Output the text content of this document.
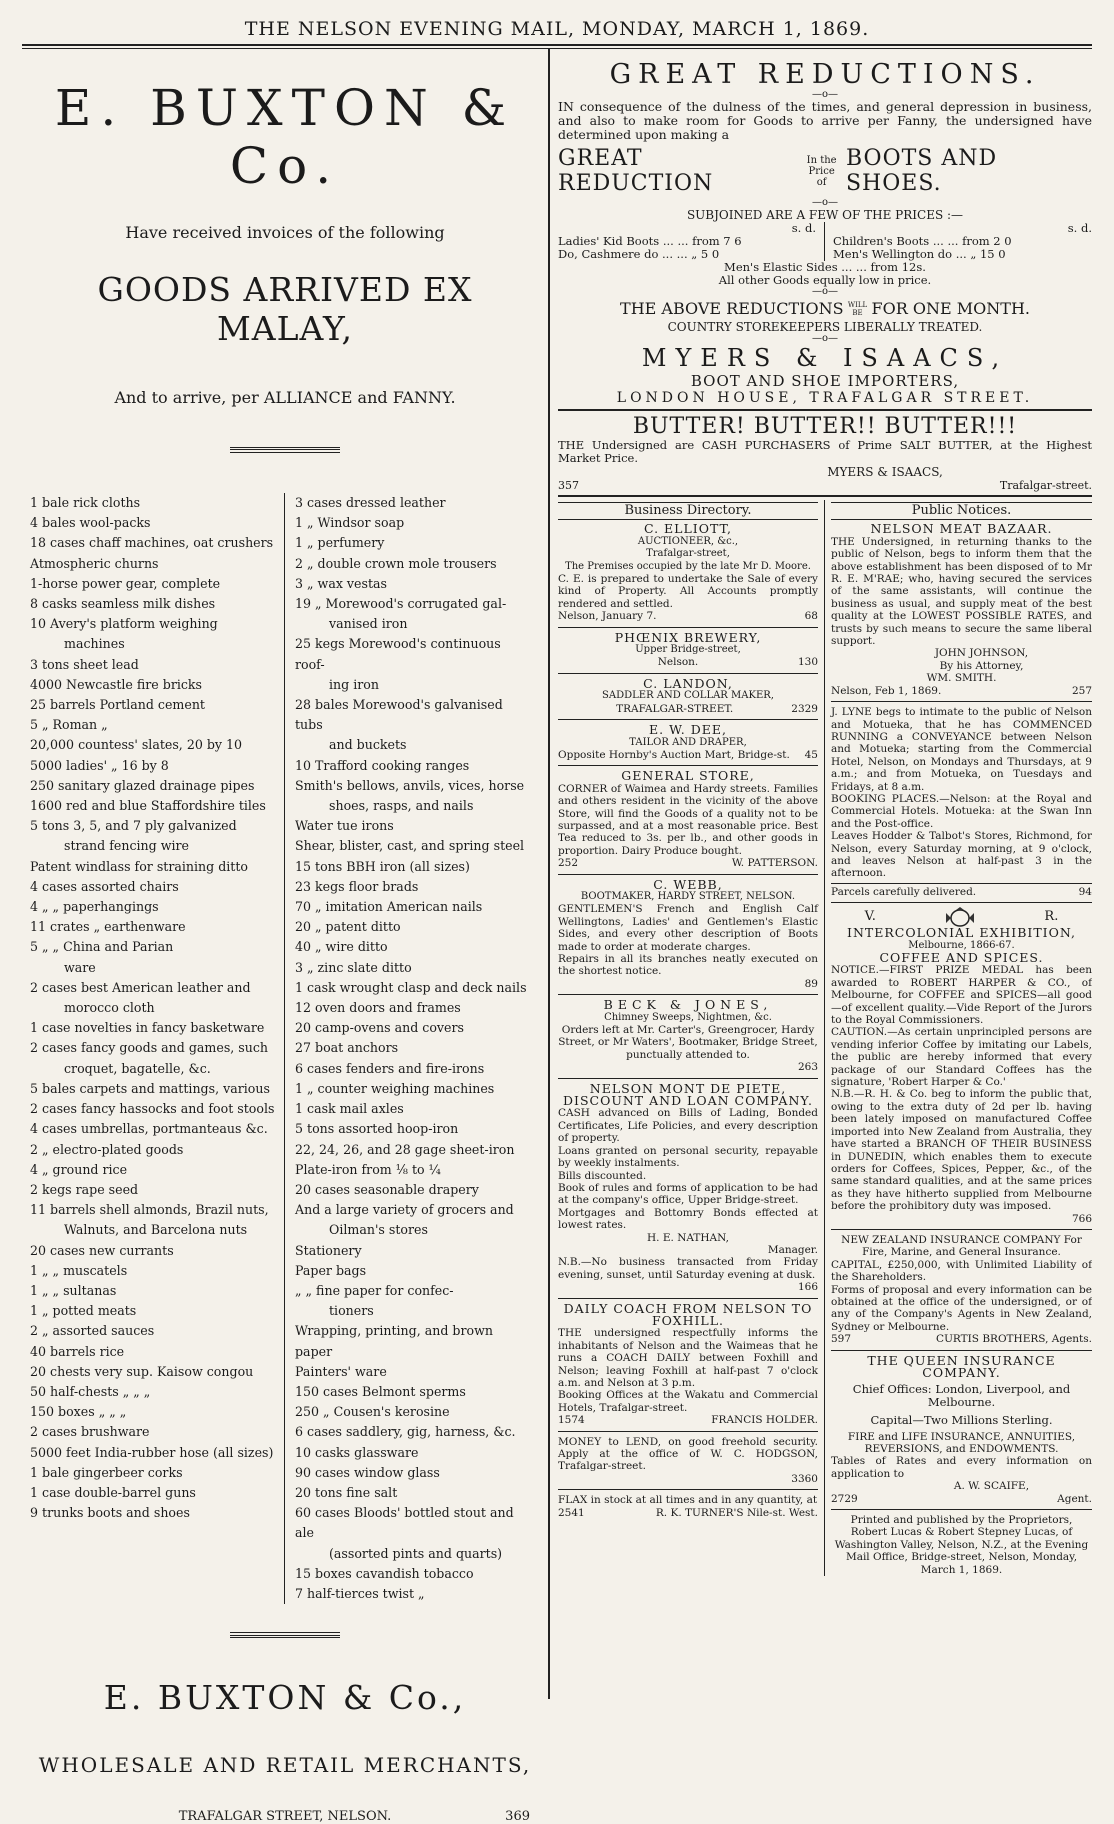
THE NELSON EVENING MAIL, MONDAY, MARCH 1, 1869.
E. BUXTON & Co.
Have received invoices of the following
GOODS ARRIVED EX MALAY,
And to arrive, per ALLIANCE and FANNY.
1 bale rick cloths
4 bales wool-packs
18 cases chaff machines, oat crushers
Atmospheric churns
1-horse power gear, complete
8 casks seamless milk dishes
10 Avery's platform weighing
machines
3 tons sheet lead
4000 Newcastle fire bricks
25 barrels Portland cement
5 „ Roman „
20,000 countess' slates, 20 by 10
5000 ladies' „ 16 by 8
250 sanitary glazed drainage pipes
1600 red and blue Staffordshire tiles
5 tons 3, 5, and 7 ply galvanized
strand fencing wire
Patent windlass for straining ditto
4 cases assorted chairs
4 „ „ paperhangings
11 crates „ earthenware
5 „ „ China and Parian
ware
2 cases best American leather and
morocco cloth
1 case novelties in fancy basketware
2 cases fancy goods and games, such
croquet, bagatelle, &c.
5 bales carpets and mattings, various
2 cases fancy hassocks and foot stools
4 cases umbrellas, portmanteaus &c.
2 „ electro-plated goods
4 „ ground rice
2 kegs rape seed
11 barrels shell almonds, Brazil nuts,
Walnuts, and Barcelona nuts
20 cases new currants
1 „ „ muscatels
1 „ „ sultanas
1 „ potted meats
2 „ assorted sauces
40 barrels rice
20 chests very sup. Kaisow congou
50 half-chests „ „ „
150 boxes „ „ „
2 cases brushware
5000 feet India-rubber hose (all sizes)
1 bale gingerbeer corks
1 case double-barrel guns
9 trunks boots and shoes
3 cases dressed leather
1 „ Windsor soap
1 „ perfumery
2 „ double crown mole trousers
3 „ wax vestas
19 „ Morewood's corrugated gal-
vanised iron
25 kegs Morewood's continuous roof-
ing iron
28 bales Morewood's galvanised tubs
and buckets
10 Trafford cooking ranges
Smith's bellows, anvils, vices, horse
shoes, rasps, and nails
Water tue irons
Shear, blister, cast, and spring steel
15 tons BBH iron (all sizes)
23 kegs floor brads
70 „ imitation American nails
20 „ patent ditto
40 „ wire ditto
3 „ zinc slate ditto
1 cask wrought clasp and deck nails
12 oven doors and frames
20 camp-ovens and covers
27 boat anchors
6 cases fenders and fire-irons
1 „ counter weighing machines
1 cask mail axles
5 tons assorted hoop-iron
22, 24, 26, and 28 gage sheet-iron
Plate-iron from ⅛ to ¼
20 cases seasonable drapery
And a large variety of grocers and
Oilman's stores
Stationery
Paper bags
„ „ fine paper for confec-
tioners
Wrapping, printing, and brown paper
Painters' ware
150 cases Belmont sperms
250 „ Cousen's kerosine
6 cases saddlery, gig, harness, &c.
10 casks glassware
90 cases window glass
20 tons fine salt
60 cases Bloods' bottled stout and ale
(assorted pints and quarts)
15 boxes cavandish tobacco
7 half-tierces twist „
E. BUXTON & Co.,
WHOLESALE AND RETAIL MERCHANTS,
TRAFALGAR STREET, NELSON.	369
GREAT REDUCTIONS.
—o—
IN consequence of the dulness of the times, and general depression in business, and also to make room for Goods to arrive per Fanny, the undersigned have determined upon making a
GREAT REDUCTION
In the Price of
BOOTS AND SHOES.
—o—
SUBJOINED ARE A FEW OF THE PRICES :—
s. d.
Ladies' Kid Boots ... ... from 7 6
Do, Cashmere do ... ... „ 5 0
s. d.
Children's Boots ... ... from 2 0
Men's Wellington do ... „ 15 0
Men's Elastic Sides ... ... from 12s.
All other Goods equally low in price.
—o—
THE ABOVE REDUCTIONS WILL BE FOR ONE MONTH.
COUNTRY STOREKEEPERS LIBERALLY TREATED.
—o—
MYERS & ISAACS,
BOOT AND SHOE IMPORTERS,
LONDON HOUSE, TRAFALGAR STREET.
BUTTER! BUTTER!! BUTTER!!!
THE Undersigned are CASH PURCHASERS of Prime SALT BUTTER, at the Highest Market Price.
MYERS & ISAACS,
357	Trafalgar-street.
Business Directory.
C. ELLIOTT,
AUCTIONEER, &c.,
Trafalgar-street,
The Premises occupied by the late Mr D. Moore.
C. E. is prepared to undertake the Sale of every kind of Property. All Accounts promptly rendered and settled.
Nelson, January 7.	68
PHŒNIX BREWERY,
Upper Bridge-street,
Nelson.	130
C. LANDON,
SADDLER AND COLLAR MAKER,
TRAFALGAR-STREET.	2329
E. W. DEE,
TAILOR AND DRAPER,
Opposite Hornby's Auction Mart, Bridge-st. 45
GENERAL STORE,
CORNER of Waimea and Hardy streets. Families and others resident in the vicinity of the above Store, will find the Goods of a quality not to be surpassed, and at a most reasonable price. Best Tea reduced to 3s. per lb., and other goods in proportion. Dairy Produce bought.
252	W. PATTERSON.
C. WEBB,
BOOTMAKER, HARDY STREET, NELSON.
GENTLEMEN'S French and English Calf Wellingtons, Ladies' and Gentlemen's Elastic Sides, and every other description of Boots made to order at moderate charges.
Repairs in all its branches neatly executed on the shortest notice.
89
BECK & JONES,
Chimney Sweeps, Nightmen, &c.
Orders left at Mr. Carter's, Greengrocer, Hardy Street, or Mr Waters', Bootmaker, Bridge Street, punctually attended to.
263
NELSON MONT DE PIETE, DISCOUNT AND LOAN COMPANY.
CASH advanced on Bills of Lading, Bonded Certificates, Life Policies, and every description of property.
Loans granted on personal security, repayable by weekly instalments.
Bills discounted.
Book of rules and forms of application to be had at the company's office, Upper Bridge-street.
Mortgages and Bottomry Bonds effected at lowest rates.
H. E. NATHAN,
Manager.
N.B.—No business transacted from Friday evening, sunset, until Saturday evening at dusk.
166
DAILY COACH FROM NELSON TO FOXHILL.
THE undersigned respectfully informs the inhabitants of Nelson and the Waimeas that he runs a COACH DAILY between Foxhill and Nelson; leaving Foxhill at half-past 7 o'clock a.m. and Nelson at 3 p.m.
Booking Offices at the Wakatu and Commercial Hotels, Trafalgar-street.
1574	FRANCIS HOLDER.
MONEY to LEND, on good freehold security. Apply at the office of W. C. HODGSON, Trafalgar-street.
3360
FLAX in stock at all times and in any quantity, at
2541	R. K. TURNER'S Nile-st. West.
Public Notices.
NELSON MEAT BAZAAR.
THE Undersigned, in returning thanks to the public of Nelson, begs to inform them that the above establishment has been disposed of to Mr R. E. M'RAE; who, having secured the services of the same assistants, will continue the business as usual, and supply meat of the best quality at the LOWEST POSSIBLE RATES, and trusts by such means to secure the same liberal support.
JOHN JOHNSON,
By his Attorney,
WM. SMITH.
Nelson, Feb 1, 1869.	257
J. LYNE begs to intimate to the public of Nelson and Motueka, that he has COMMENCED RUNNING a CONVEYANCE between Nelson and Motueka; starting from the Commercial Hotel, Nelson, on Mondays and Thursdays, at 9 a.m.; and from Motueka, on Tuesdays and Fridays, at 8 a.m.
BOOKING PLACES.—Nelson: at the Royal and Commercial Hotels. Motueka: at the Swan Inn and the Post-office.
Leaves Hodder & Talbot's Stores, Richmond, for Nelson, every Saturday morning, at 9 o'clock, and leaves Nelson at half-past 3 in the afternoon.
Parcels carefully delivered.	94
V.	R.
INTERCOLONIAL EXHIBITION,
Melbourne, 1866-67.
COFFEE AND SPICES.
NOTICE.—FIRST PRIZE MEDAL has been awarded to ROBERT HARPER & CO., of Melbourne, for COFFEE and SPICES—all good—of excellent quality.—Vide Report of the Jurors to the Royal Commissioners.
CAUTION.—As certain unprincipled persons are vending inferior Coffee by imitating our Labels, the public are hereby informed that every package of our Standard Coffees has the signature, 'Robert Harper & Co.'
N.B.—R. H. & Co. beg to inform the public that, owing to the extra duty of 2d per lb. having been lately imposed on manufactured Coffee imported into New Zealand from Australia, they have started a BRANCH OF THEIR BUSINESS in DUNEDIN, which enables them to execute orders for Coffees, Spices, Pepper, &c., of the same standard qualities, and at the same prices as they have hitherto supplied from Melbourne before the prohibitory duty was imposed.
766
NEW ZEALAND INSURANCE COMPANY For Fire, Marine, and General Insurance.
CAPITAL, £250,000, with Unlimited Liability of the Shareholders.
Forms of proposal and every information can be obtained at the office of the undersigned, or of any of the Company's Agents in New Zealand, Sydney or Melbourne.
597	CURTIS BROTHERS, Agents.
THE QUEEN INSURANCE COMPANY.
Chief Offices: London, Liverpool, and Melbourne.
Capital—Two Millions Sterling.
FIRE and LIFE INSURANCE, ANNUITIES, REVERSIONS, and ENDOWMENTS.
Tables of Rates and every information on application to
A. W. SCAIFE,
2729	Agent.
Printed and published by the Proprietors, Robert Lucas & Robert Stepney Lucas, of Washington Valley, Nelson, N.Z., at the Evening Mail Office, Bridge-street, Nelson, Monday, March 1, 1869.
